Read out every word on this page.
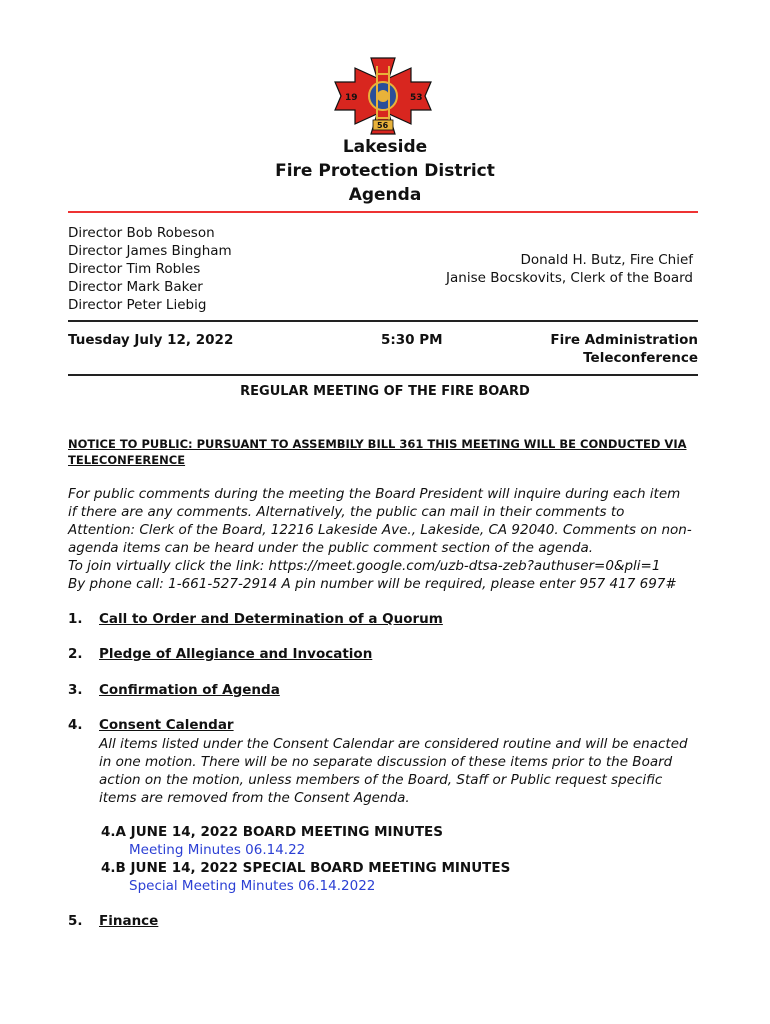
19	53
56
Lakeside
Fire Protection District
Agenda
Director Bob Robeson
Director James Bingham
Director Tim Robles
Director Mark Baker
Director Peter Liebig
Donald H. Butz, Fire Chief
Janise Bocskovits, Clerk of the Board
Tuesday July 12, 2022	5:30 PM	Fire Administration
Teleconference
REGULAR MEETING OF THE FIRE BOARD
NOTICE TO PUBLIC: PURSUANT TO ASSEMBILY BILL 361 THIS MEETING WILL BE CONDUCTED VIA
TELECONFERENCE
For public comments during the meeting the Board President will inquire during each item
if there are any comments. Alternatively, the public can mail in their comments to
Attention: Clerk of the Board, 12216 Lakeside Ave., Lakeside, CA 92040. Comments on non-
agenda items can be heard under the public comment section of the agenda.
To join virtually click the link: https://meet.google.com/uzb-dtsa-zeb?authuser=0&pli=1
By phone call: 1-661-527-2914 A pin number will be required, please enter 957 417 697#
1. Call to Order and Determination of a Quorum
2. Pledge of Allegiance and Invocation
3. Confirmation of Agenda
4. Consent Calendar
All items listed under the Consent Calendar are considered routine and will be enacted
in one motion. There will be no separate discussion of these items prior to the Board
action on the motion, unless members of the Board, Staff or Public request specific
items are removed from the Consent Agenda.
4.A JUNE 14, 2022 BOARD MEETING MINUTES
Meeting Minutes 06.14.22
4.B JUNE 14, 2022 SPECIAL BOARD MEETING MINUTES
Special Meeting Minutes 06.14.2022
5. Finance
